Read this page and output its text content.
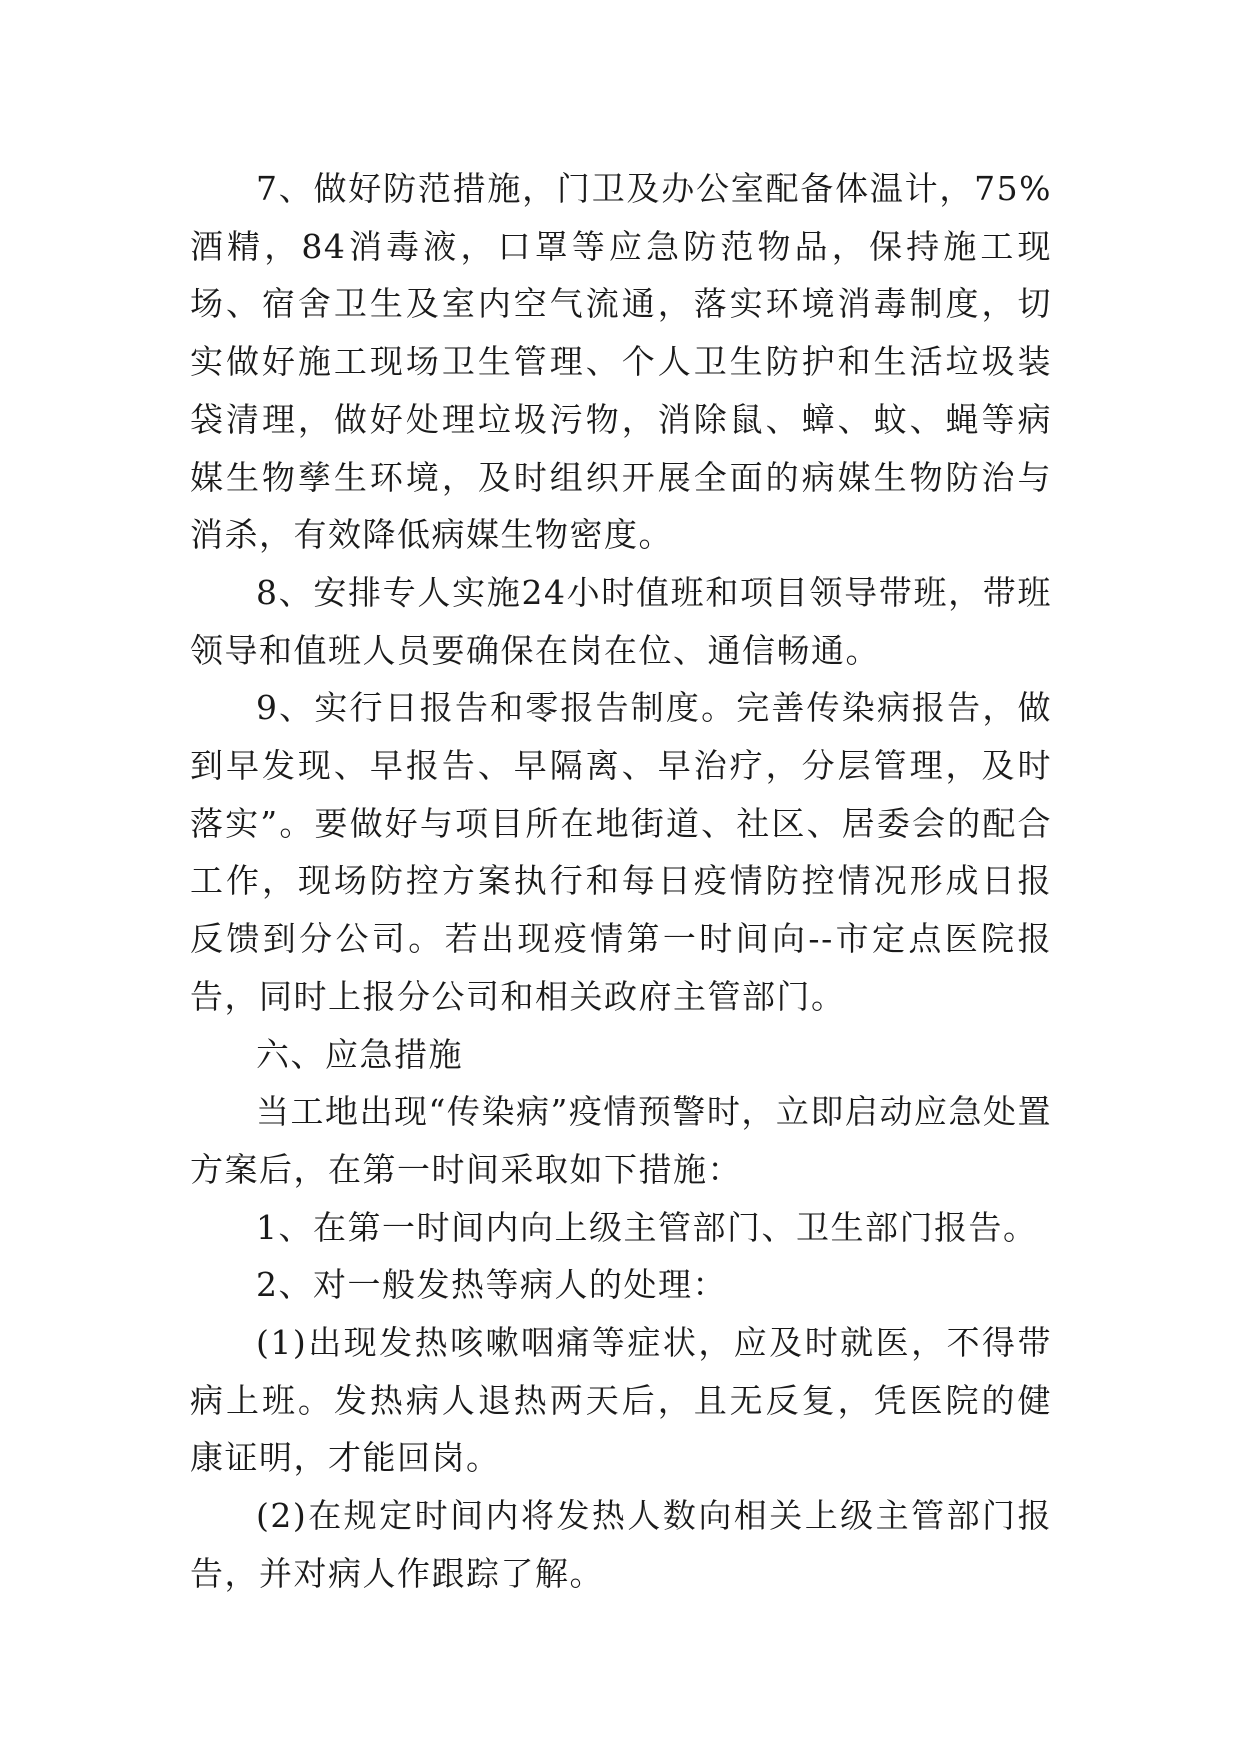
7、做好防范措施，门卫及办公室配备体温计，75%酒精，84消毒液，口罩等应急防范物品，保持施工现场、宿舍卫生及室内空气流通，落实环境消毒制度，切实做好施工现场卫生管理、个人卫生防护和生活垃圾装袋清理，做好处理垃圾污物，消除鼠、蟑、蚊、蝇等病媒生物孳生环境，及时组织开展全面的病媒生物防治与消杀，有效降低病媒生物密度。

8、安排专人实施24小时值班和项目领导带班，带班领导和值班人员要确保在岗在位、通信畅通。

9、实行日报告和零报告制度。完善传染病报告，做到早发现、早报告、早隔离、早治疗，分层管理，及时落实”。要做好与项目所在地街道、社区、居委会的配合工作，现场防控方案执行和每日疫情防控情况形成日报反馈到分公司。若出现疫情第一时间向--市定点医院报告，同时上报分公司和相关政府主管部门。

六、应急措施

当工地出现“传染病”疫情预警时，立即启动应急处置方案后，在第一时间采取如下措施：

1、在第一时间内向上级主管部门、卫生部门报告。

2、对一般发热等病人的处理：

(1)出现发热咳嗽咽痛等症状，应及时就医，不得带病上班。发热病人退热两天后，且无反复，凭医院的健康证明，才能回岗。

(2)在规定时间内将发热人数向相关上级主管部门报告，并对病人作跟踪了解。
